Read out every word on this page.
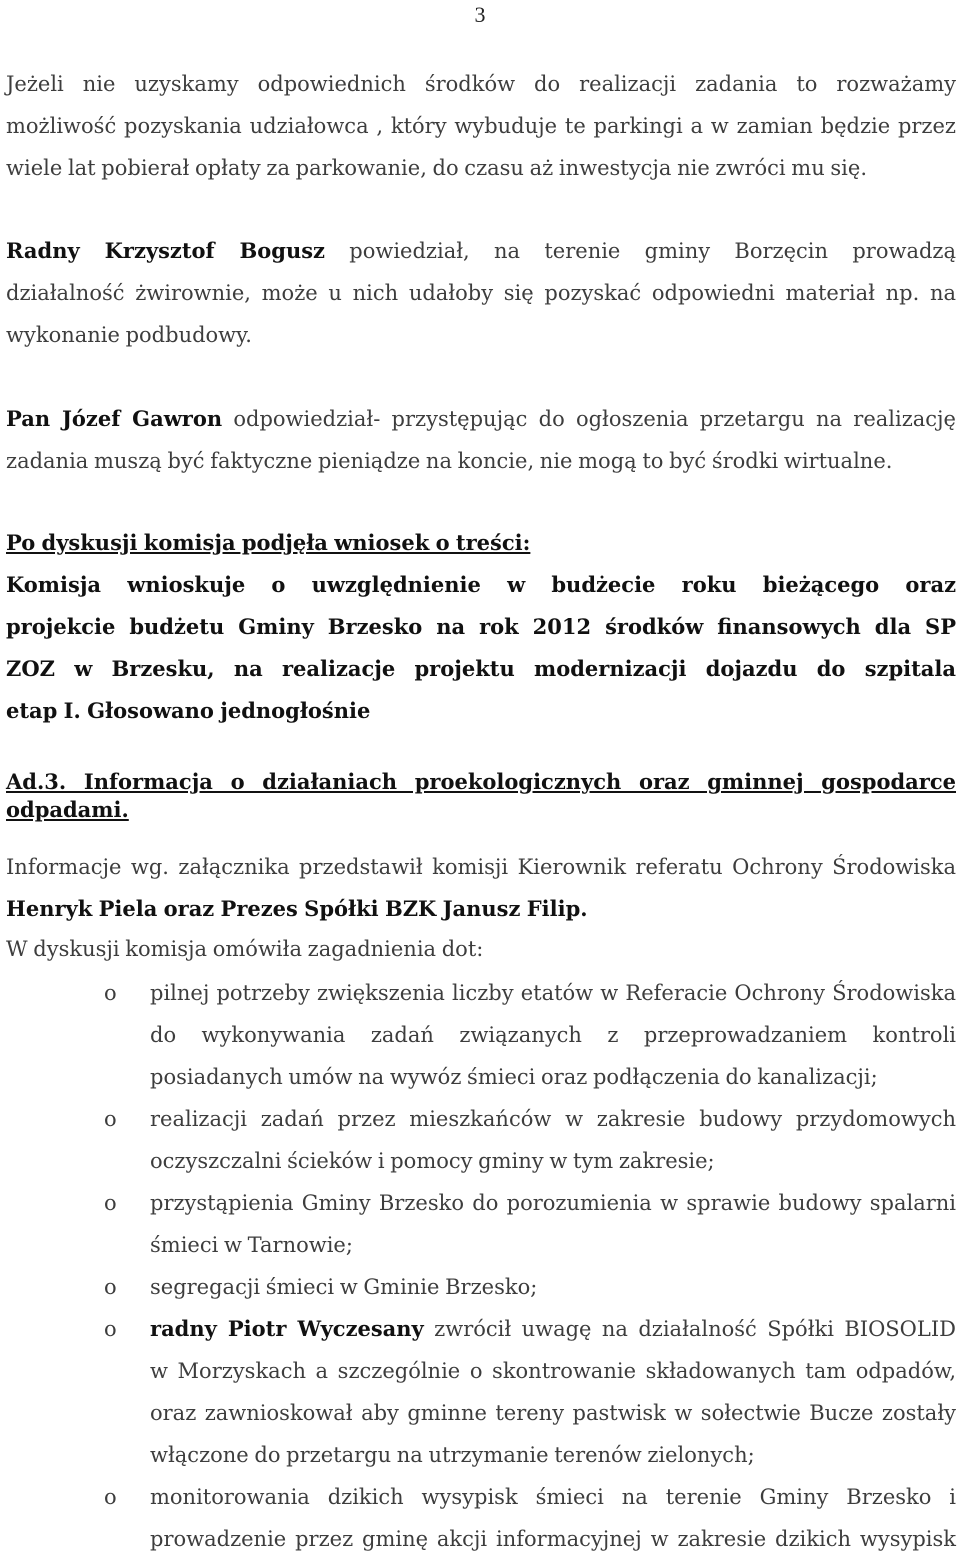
3
Jeżeli nie uzyskamy odpowiednich środków do realizacji zadania to rozważamy
możliwość pozyskania udziałowca , który wybuduje te parkingi a w zamian będzie przez
wiele lat pobierał opłaty za parkowanie, do czasu aż inwestycja nie zwróci mu się.
Radny Krzysztof Bogusz powiedział, na terenie gminy Borzęcin prowadzą
działalność żwirownie, może u nich udałoby się pozyskać odpowiedni materiał np. na
wykonanie podbudowy.
Pan Józef Gawron odpowiedział- przystępując do ogłoszenia przetargu na realizację
zadania muszą być faktyczne pieniądze na koncie, nie mogą to być środki wirtualne.
Po dyskusji komisja podjęła wniosek o treści:
Komisja wnioskuje o uwzględnienie w budżecie roku bieżącego oraz
projekcie budżetu Gminy Brzesko na rok 2012 środków finansowych dla SP
ZOZ w Brzesku, na realizacje projektu modernizacji dojazdu do szpitala
etap I. Głosowano jednogłośnie
Ad.3. Informacja o działaniach proekologicznych oraz gminnej gospodarce
odpadami.
Informacje wg. załącznika przedstawił komisji Kierownik referatu Ochrony Środowiska
Henryk Piela oraz Prezes Spółki BZK Janusz Filip.
W dyskusji komisja omówiła zagadnienia dot:
o pilnej potrzeby zwiększenia liczby etatów w Referacie Ochrony Środowiska
do wykonywania zadań związanych z przeprowadzaniem kontroli
posiadanych umów na wywóz śmieci oraz podłączenia do kanalizacji;
o realizacji zadań przez mieszkańców w zakresie budowy przydomowych
oczyszczalni ścieków i pomocy gminy w tym zakresie;
o przystąpienia Gminy Brzesko do porozumienia w sprawie budowy spalarni
śmieci w Tarnowie;
o segregacji śmieci w Gminie Brzesko;
o radny Piotr Wyczesany zwrócił uwagę na działalność Spółki BIOSOLID
w Morzyskach a szczególnie o skontrowanie składowanych tam odpadów,
oraz zawnioskował aby gminne tereny pastwisk w sołectwie Bucze zostały
włączone do przetargu na utrzymanie terenów zielonych;
o monitorowania dzikich wysypisk śmieci na terenie Gminy Brzesko i
prowadzenie przez gminę akcji informacyjnej w zakresie dzikich wysypisk
